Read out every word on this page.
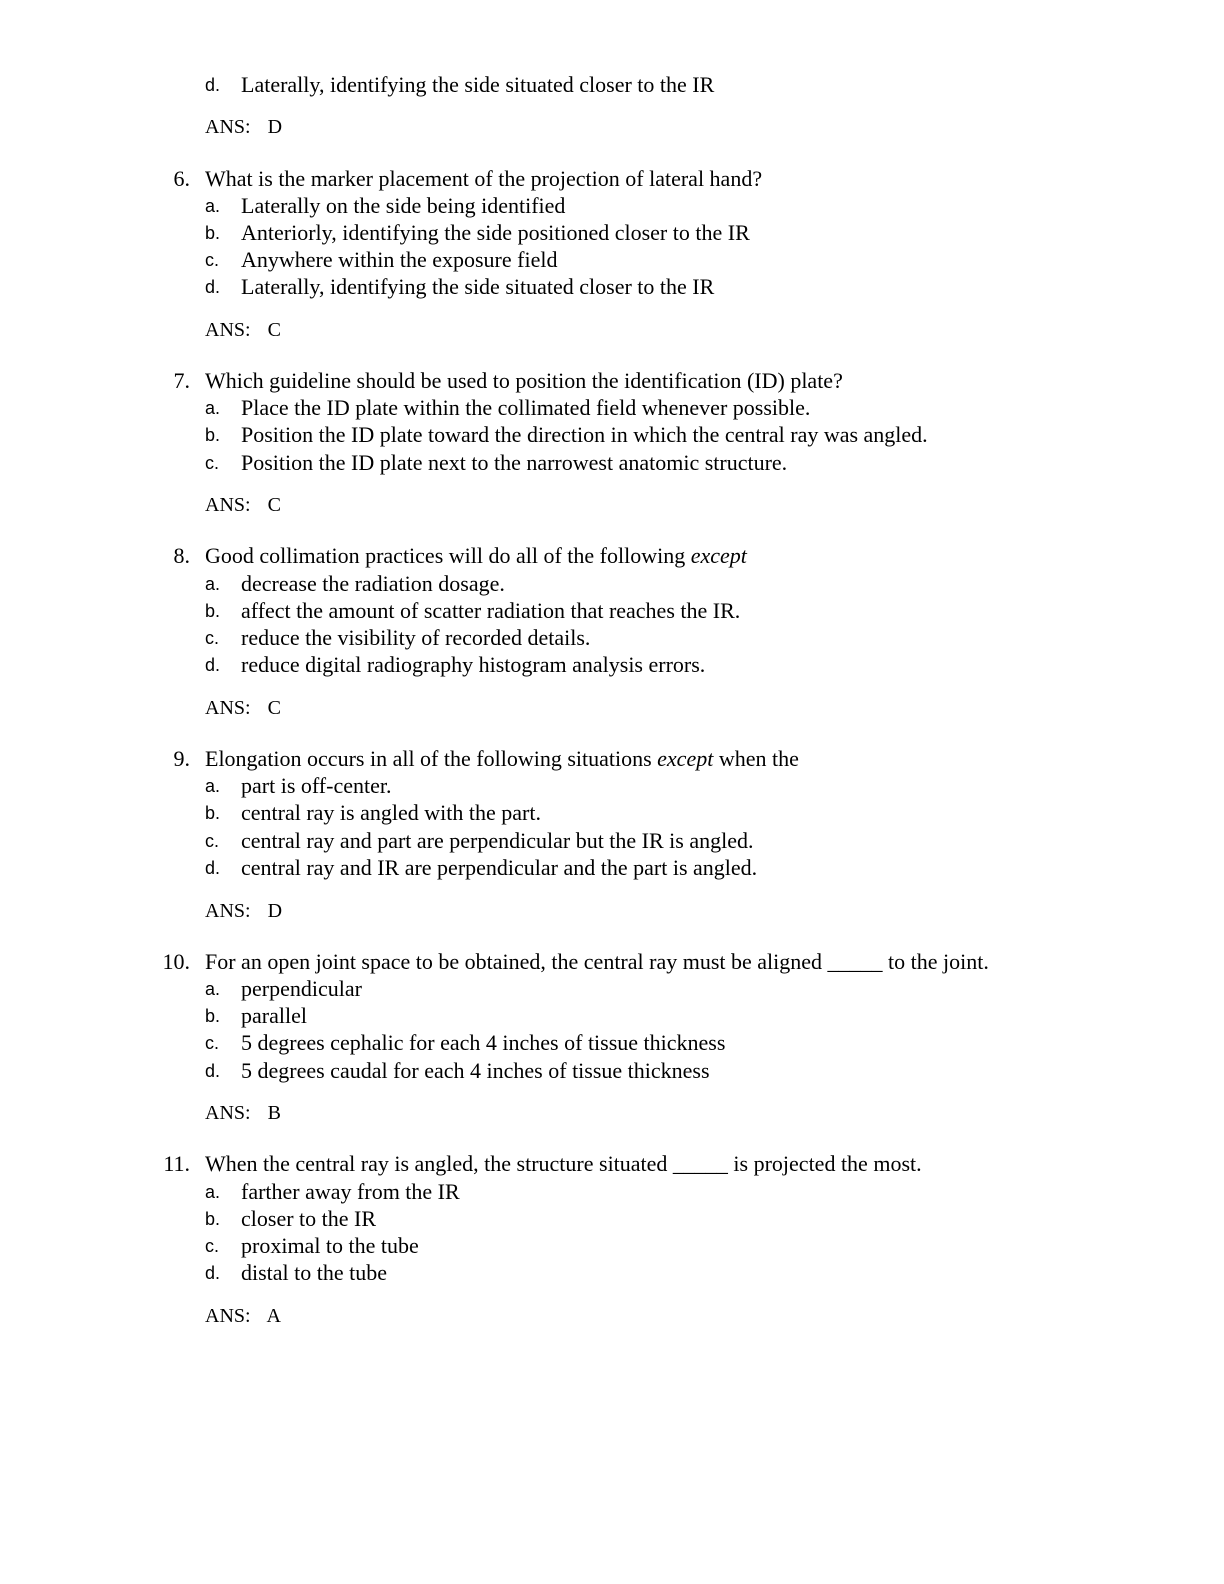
d. Laterally, identifying the side situated closer to the IR
ANS: D
6. What is the marker placement of the projection of lateral hand?
a. Laterally on the side being identified
b. Anteriorly, identifying the side positioned closer to the IR
c. Anywhere within the exposure field
d. Laterally, identifying the side situated closer to the IR
ANS: C
7. Which guideline should be used to position the identification (ID) plate?
a. Place the ID plate within the collimated field whenever possible.
b. Position the ID plate toward the direction in which the central ray was angled.
c. Position the ID plate next to the narrowest anatomic structure.
ANS: C
8. Good collimation practices will do all of the following except
a. decrease the radiation dosage.
b. affect the amount of scatter radiation that reaches the IR.
c. reduce the visibility of recorded details.
d. reduce digital radiography histogram analysis errors.
ANS: C
9. Elongation occurs in all of the following situations except when the
a. part is off-center.
b. central ray is angled with the part.
c. central ray and part are perpendicular but the IR is angled.
d. central ray and IR are perpendicular and the part is angled.
ANS: D
10. For an open joint space to be obtained, the central ray must be aligned _____ to the joint.
a. perpendicular
b. parallel
c. 5 degrees cephalic for each 4 inches of tissue thickness
d. 5 degrees caudal for each 4 inches of tissue thickness
ANS: B
11. When the central ray is angled, the structure situated _____ is projected the most.
a. farther away from the IR
b. closer to the IR
c. proximal to the tube
d. distal to the tube
ANS: A
